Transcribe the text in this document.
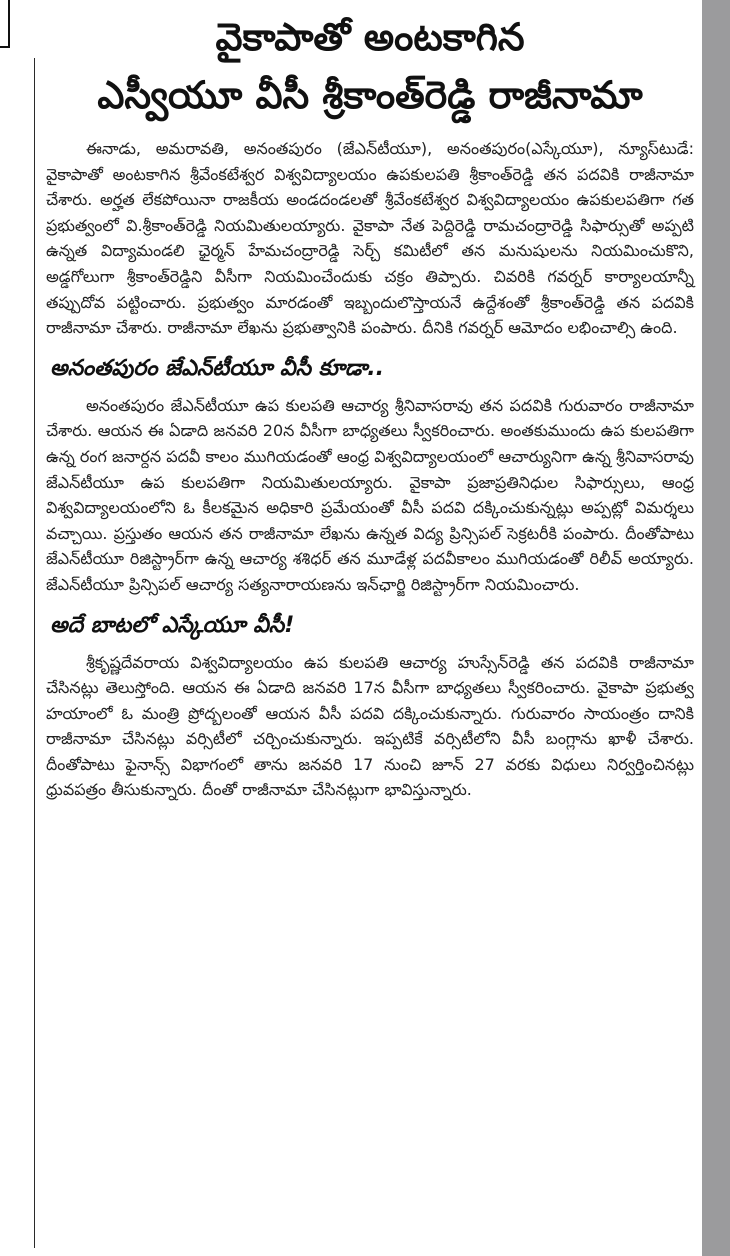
వైకాపాతో అంటకాగిన
ఎస్వీయూ వీసీ శ్రీకాంత్‌రెడ్డి రాజీనామా

ఈనాడు, అమరావతి, అనంతపురం (జేఎన్‌టీయూ), అనంతపురం(ఎస్కేయూ), న్యూస్‌టుడే: వైకాపాతో అంటకాగిన శ్రీవేంకటేశ్వర విశ్వవిద్యాలయం ఉపకులపతి శ్రీకాంత్‌రెడ్డి తన పదవికి రాజీనామా చేశారు. అర్హత లేకపోయినా రాజకీయ అండదండలతో శ్రీవేంకటేశ్వర విశ్వవిద్యాలయం ఉపకులపతిగా గత ప్రభుత్వంలో వి.శ్రీకాంత్‌రెడ్డి నియమితులయ్యారు. వైకాపా నేత పెద్దిరెడ్డి రామచంద్రారెడ్డి సిఫార్సుతో అప్పటి ఉన్నత విద్యామండలి ఛైర్మన్ హేమచంద్రారెడ్డి సెర్చ్ కమిటీలో తన మనుషులను నియమించుకొని, అడ్డగోలుగా శ్రీకాంత్‌రెడ్డిని వీసీగా నియమించేందుకు చక్రం తిప్పారు. చివరికి గవర్నర్ కార్యాలయాన్నీ తప్పుదోవ పట్టించారు. ప్రభుత్వం మారడంతో ఇబ్బందులొస్తాయనే ఉద్దేశంతో శ్రీకాంత్‌రెడ్డి తన పదవికి రాజీనామా చేశారు. రాజీనామా లేఖను ప్రభుత్వానికి పంపారు. దీనికి గవర్నర్ ఆమోదం లభించాల్సి ఉంది.

అనంతపురం జేఎన్‌టీయూ వీసీ కూడా..

అనంతపురం జేఎన్‌టీయూ ఉప కులపతి ఆచార్య శ్రీనివాసరావు తన పదవికి గురువారం రాజీనామా చేశారు. ఆయన ఈ ఏడాది జనవరి 20న వీసీగా బాధ్యతలు స్వీకరించారు. అంతకుముందు ఉప కులపతిగా ఉన్న రంగ జనార్దన పదవీ కాలం ముగియడంతో ఆంధ్ర విశ్వవిద్యాలయంలో ఆచార్యునిగా ఉన్న శ్రీనివాసరావు జేఎన్‌టీయూ ఉప కులపతిగా నియమితులయ్యారు. వైకాపా ప్రజాప్రతినిధుల సిఫార్సులు, ఆంధ్ర విశ్వవిద్యాలయంలోని ఓ కీలకమైన అధికారి ప్రమేయంతో వీసీ పదవి దక్కించుకున్నట్లు అప్పట్లో విమర్శలు వచ్చాయి. ప్రస్తుతం ఆయన తన రాజీనామా లేఖను ఉన్నత విద్య ప్రిన్సిపల్ సెక్రటరీకి పంపారు. దీంతోపాటు జేఎన్‌టీయూ రిజిస్ట్రార్‌గా ఉన్న ఆచార్య శశిధర్ తన మూడేళ్ల పదవీకాలం ముగియడంతో రిలీవ్ అయ్యారు. జేఎన్‌టీయూ ప్రిన్సిపల్ ఆచార్య సత్యనారాయణను ఇన్‌ఛార్జి రిజిస్ట్రార్‌గా నియమించారు.

అదే బాటలో ఎస్కేయూ వీసీ!

శ్రీకృష్ణదేవరాయ విశ్వవిద్యాలయం ఉప కులపతి ఆచార్య హుస్సేన్‌రెడ్డి తన పదవికి రాజీనామా చేసినట్లు తెలుస్తోంది. ఆయన ఈ ఏడాది జనవరి 17న వీసీగా బాధ్యతలు స్వీకరించారు. వైకాపా ప్రభుత్వ హయాంలో ఓ మంత్రి ప్రోద్బలంతో ఆయన వీసీ పదవి దక్కించుకున్నారు. గురువారం సాయంత్రం దానికి రాజీనామా చేసినట్లు వర్సిటీలో చర్చించుకున్నారు. ఇప్పటికే వర్సిటీలోని వీసీ బంగ్లాను ఖాళీ చేశారు. దీంతోపాటు ఫైనాన్స్ విభాగంలో తాను జనవరి 17 నుంచి జూన్ 27 వరకు విధులు నిర్వర్తించినట్లు ధ్రువపత్రం తీసుకున్నారు. దీంతో రాజీనామా చేసినట్లుగా భావిస్తున్నారు.
